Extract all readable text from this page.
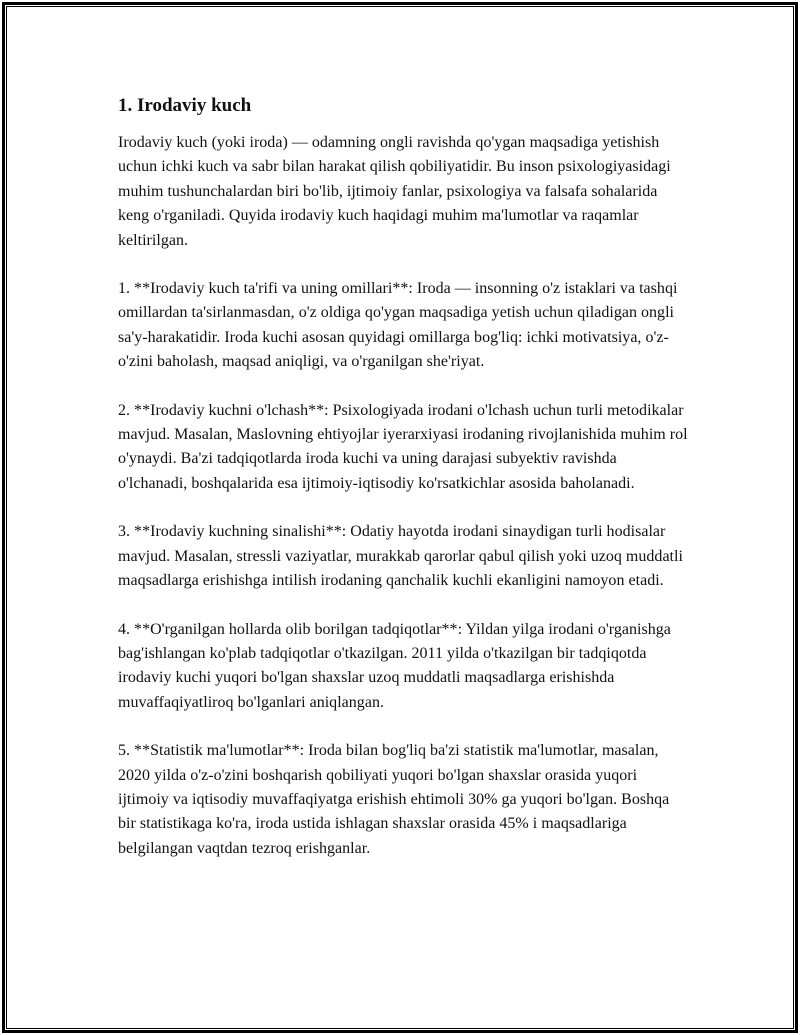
1. Irodaviy kuch

Irodaviy kuch (yoki iroda) — odamning ongli ravishda qo'ygan maqsadiga yetishish uchun ichki kuch va sabr bilan harakat qilish qobiliyatidir. Bu inson psixologiyasidagi muhim tushunchalardan biri bo'lib, ijtimoiy fanlar, psixologiya va falsafa sohalarida keng o'rganiladi. Quyida irodaviy kuch haqidagi muhim ma'lumotlar va raqamlar keltirilgan.

1. **Irodaviy kuch ta'rifi va uning omillari**: Iroda — insonning o'z istaklari va tashqi omillardan ta'sirlanmasdan, o'z oldiga qo'ygan maqsadiga yetish uchun qiladigan ongli sa'y-harakatidir. Iroda kuchi asosan quyidagi omillarga bog'liq: ichki motivatsiya, o'z-o'zini baholash, maqsad aniqligi, va o'rganilgan she'riyat.

2. **Irodaviy kuchni o'lchash**: Psixologiyada irodani o'lchash uchun turli metodikalar mavjud. Masalan, Maslovning ehtiyojlar iyerarxiyasi irodaning rivojlanishida muhim rol o'ynaydi. Ba'zi tadqiqotlarda iroda kuchi va uning darajasi subyektiv ravishda o'lchanadi, boshqalarida esa ijtimoiy-iqtisodiy ko'rsatkichlar asosida baholanadi.

3. **Irodaviy kuchning sinalishi**: Odatiy hayotda irodani sinaydigan turli hodisalar mavjud. Masalan, stressli vaziyatlar, murakkab qarorlar qabul qilish yoki uzoq muddatli maqsadlarga erishishga intilish irodaning qanchalik kuchli ekanligini namoyon etadi.

4. **O'rganilgan hollarda olib borilgan tadqiqotlar**: Yildan yilga irodani o'rganishga bag'ishlangan ko'plab tadqiqotlar o'tkazilgan. 2011 yilda o'tkazilgan bir tadqiqotda irodaviy kuchi yuqori bo'lgan shaxslar uzoq muddatli maqsadlarga erishishda muvaffaqiyatliroq bo'lganlari aniqlangan.

5. **Statistik ma'lumotlar**: Iroda bilan bog'liq ba'zi statistik ma'lumotlar, masalan, 2020 yilda o'z-o'zini boshqarish qobiliyati yuqori bo'lgan shaxslar orasida yuqori ijtimoiy va iqtisodiy muvaffaqiyatga erishish ehtimoli 30% ga yuqori bo'lgan. Boshqa bir statistikaga ko'ra, iroda ustida ishlagan shaxslar orasida 45% i maqsadlariga belgilangan vaqtdan tezroq erishganlar.
